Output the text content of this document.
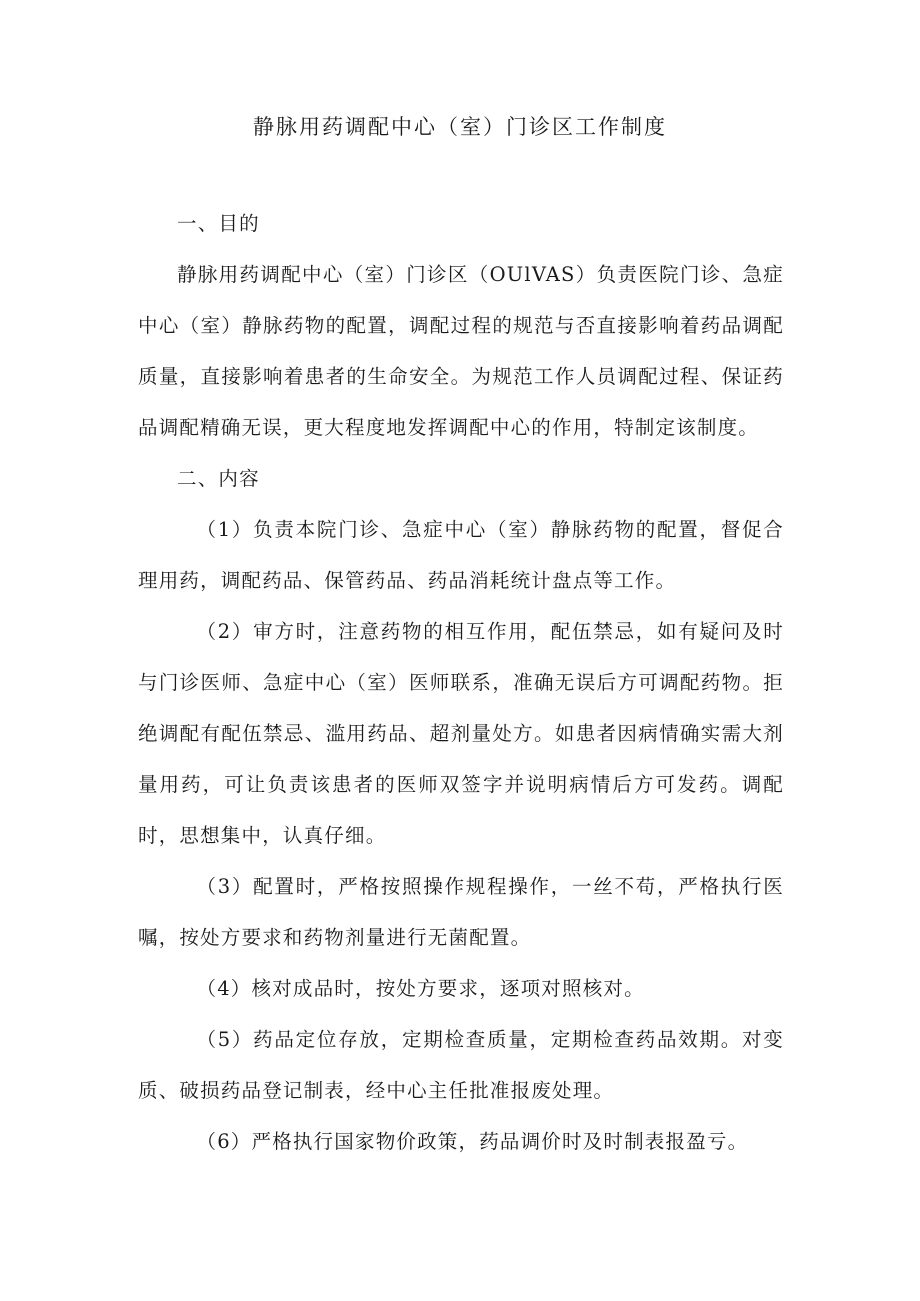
静脉用药调配中心（室）门诊区工作制度

一、目的

静脉用药调配中心（室）门诊区（OUlVAS）负责医院门诊、急症中心（室）静脉药物的配置，调配过程的规范与否直接影响着药品调配质量，直接影响着患者的生命安全。为规范工作人员调配过程、保证药品调配精确无误，更大程度地发挥调配中心的作用，特制定该制度。

二、内容

（1）负责本院门诊、急症中心（室）静脉药物的配置，督促合理用药，调配药品、保管药品、药品消耗统计盘点等工作。

（2）审方时，注意药物的相互作用，配伍禁忌，如有疑问及时与门诊医师、急症中心（室）医师联系，准确无误后方可调配药物。拒绝调配有配伍禁忌、滥用药品、超剂量处方。如患者因病情确实需大剂量用药，可让负责该患者的医师双签字并说明病情后方可发药。调配时，思想集中，认真仔细。

（3）配置时，严格按照操作规程操作，一丝不苟，严格执行医嘱，按处方要求和药物剂量进行无菌配置。

（4）核对成品时，按处方要求，逐项对照核对。

（5）药品定位存放，定期检查质量，定期检查药品效期。对变质、破损药品登记制表，经中心主任批准报废处理。

（6）严格执行国家物价政策，药品调价时及时制表报盈亏。
